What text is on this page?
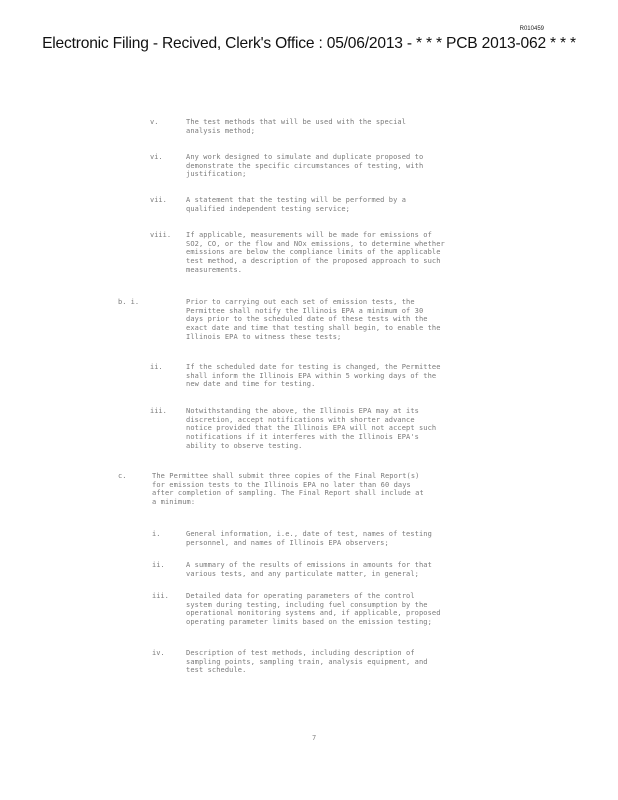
R010459
Electronic Filing - Recived, Clerk's Office : 05/06/2013 - * * * PCB 2013-062 * * *
v.	The test methods that will be used with the special
analysis method;
vi.	Any work designed to simulate and duplicate proposed to
demonstrate the specific circumstances of testing, with
justification;
vii.	A statement that the testing will be performed by a
qualified independent testing service;
viii. If applicable, measurements will be made for emissions of
SO2, CO, or the flow and NOx emissions, to determine whether
emissions are below the compliance limits of the applicable
test method, a description of the proposed approach to such
measurements.
b. i.	Prior to carrying out each set of emission tests, the
Permittee shall notify the Illinois EPA a minimum of 30
days prior to the scheduled date of these tests with the
exact date and time that testing shall begin, to enable the
Illinois EPA to witness these tests;
ii.	If the scheduled date for testing is changed, the Permittee
shall inform the Illinois EPA within 5 working days of the
new date and time for testing.
iii.	Notwithstanding the above, the Illinois EPA may at its
discretion, accept notifications with shorter advance
notice provided that the Illinois EPA will not accept such
notifications if it interferes with the Illinois EPA's
ability to observe testing.
c.	The Permittee shall submit three copies of the Final Report(s)
for emission tests to the Illinois EPA no later than 60 days
after completion of sampling. The Final Report shall include at
a minimum:
i.	General information, i.e., date of test, names of testing
personnel, and names of Illinois EPA observers;
ii.	A summary of the results of emissions in amounts for that
various tests, and any particulate matter, in general;
iii. Detailed data for operating parameters of the control
system during testing, including fuel consumption by the
operational monitoring systems and, if applicable, proposed
operating parameter limits based on the emission testing;
iv.	Description of test methods, including description of
sampling points, sampling train, analysis equipment, and
test schedule.
7
